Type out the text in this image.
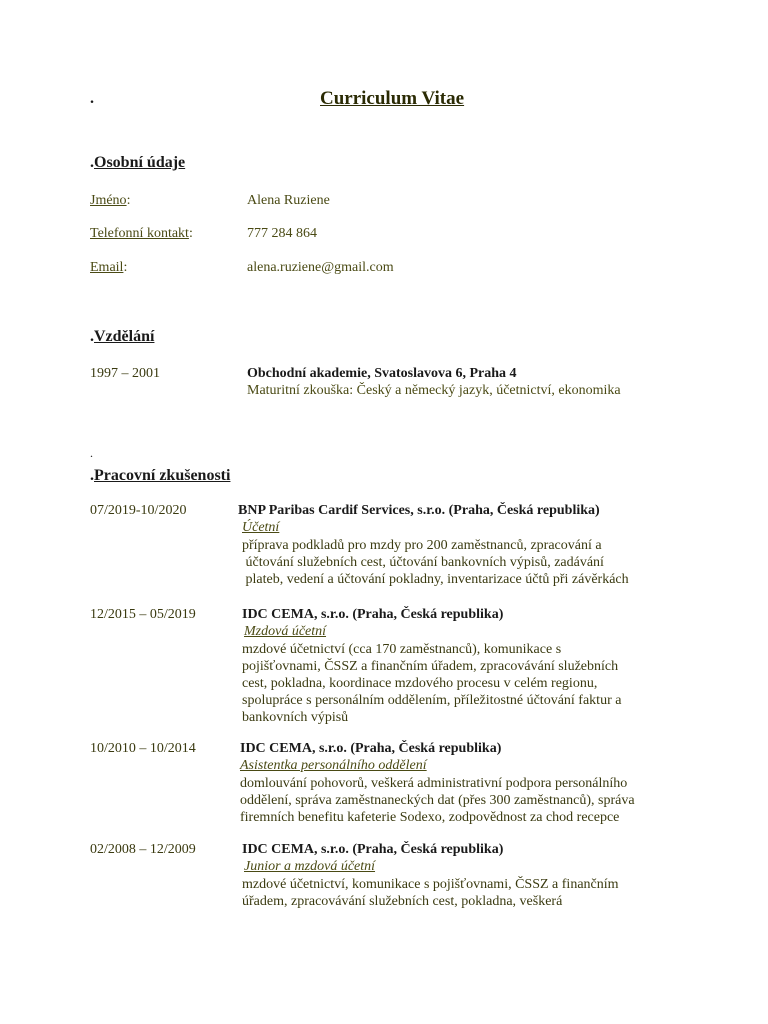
.	Curriculum Vitae
.Osobní údaje
Jméno:	Alena Ruziene
Telefonní kontakt:	777 284 864
Email:	alena.ruziene@gmail.com
.Vzdělání
1997 – 2001	Obchodní akademie, Svatoslavova 6, Praha 4
Maturitní zkouška: Český a německý jazyk, účetnictví, ekonomika
.
.Pracovní zkušenosti
07/2019-10/2020	BNP Paribas Cardif Services, s.r.o. (Praha, Česká republika)
Účetní
příprava podkladů pro mzdy pro 200 zaměstnanců, zpracování a
účtování služebních cest, účtování bankovních výpisů, zadávání
plateb, vedení a účtování pokladny, inventarizace účtů při závěrkách
12/2015 – 05/2019	IDC CEMA, s.r.o. (Praha, Česká republika)
Mzdová účetní
mzdové účetnictví (cca 170 zaměstnanců), komunikace s
pojišťovnami, ČSSZ a finančním úřadem, zpracovávání služebních
cest, pokladna, koordinace mzdového procesu v celém regionu,
spolupráce s personálním oddělením, příležitostné účtování faktur a
bankovních výpisů
10/2010 – 10/2014	IDC CEMA, s.r.o. (Praha, Česká republika)
Asistentka personálního oddělení
domlouvání pohovorů, veškerá administrativní podpora personálního
oddělení, správa zaměstnaneckých dat (přes 300 zaměstnanců), správa
firemních benefitu kafeterie Sodexo, zodpovědnost za chod recepce
02/2008 – 12/2009	IDC CEMA, s.r.o. (Praha, Česká republika)
Junior a mzdová účetní
mzdové účetnictví, komunikace s pojišťovnami, ČSSZ a finančním
úřadem, zpracovávání služebních cest, pokladna, veškerá
